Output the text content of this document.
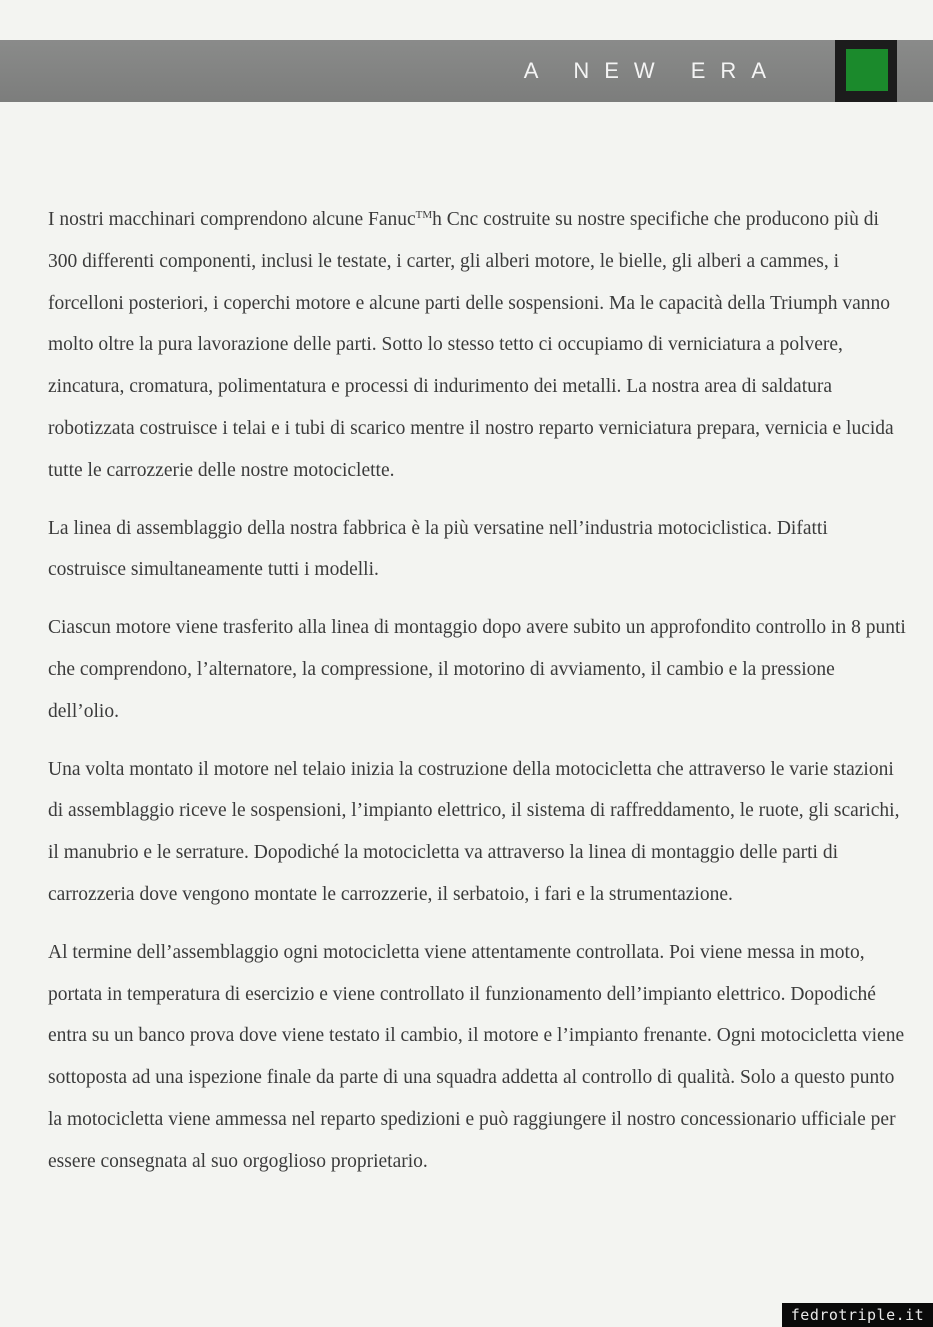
A NEW ERA

I nostri macchinari comprendono alcune Fanuc™h Cnc costruite su nostre specifiche che producono più di 300 differenti componenti, inclusi le testate, i carter, gli alberi motore, le bielle, gli alberi a cammes, i forcelloni posteriori, i coperchi motore e alcune parti delle sospensioni. Ma le capacità della Triumph vanno molto oltre la pura lavorazione delle parti. Sotto lo stesso tetto ci occupiamo di verniciatura a polvere, zincatura, cromatura, polimentatura e processi di indurimento dei metalli. La nostra area di saldatura robotizzata costruisce i telai e i tubi di scarico mentre il nostro reparto verniciatura prepara, vernicia e lucida tutte le carrozzerie delle nostre motociclette.

La linea di assemblaggio della nostra fabbrica è la più versatine nell’industria motociclistica. Difatti costruisce simultaneamente tutti i modelli.

Ciascun motore viene trasferito alla linea di montaggio dopo avere subito un approfondito controllo in 8 punti che comprendono, l’alternatore, la compressione, il motorino di avviamento, il cambio e la pressione dell’olio.

Una volta montato il motore nel telaio inizia la costruzione della motocicletta che attraverso le varie stazioni di assemblaggio riceve le sospensioni, l’impianto elettrico, il sistema di raffreddamento, le ruote, gli scarichi, il manubrio e le serrature. Dopodiché la motocicletta va attraverso la linea di montaggio delle parti di carrozzeria dove vengono montate le carrozzerie, il serbatoio, i fari e la strumentazione.

Al termine dell’assemblaggio ogni motocicletta viene attentamente controllata. Poi viene messa in moto, portata in temperatura di esercizio e viene controllato il funzionamento dell’impianto elettrico. Dopodiché entra su un banco prova dove viene testato il cambio, il motore e l’impianto frenante. Ogni motocicletta viene sottoposta ad una ispezione finale da parte di una squadra addetta al controllo di qualità. Solo a questo punto la motocicletta viene ammessa nel reparto spedizioni e può raggiungere il nostro concessionario ufficiale per essere consegnata al suo orgoglioso proprietario.

fedrotriple.it
